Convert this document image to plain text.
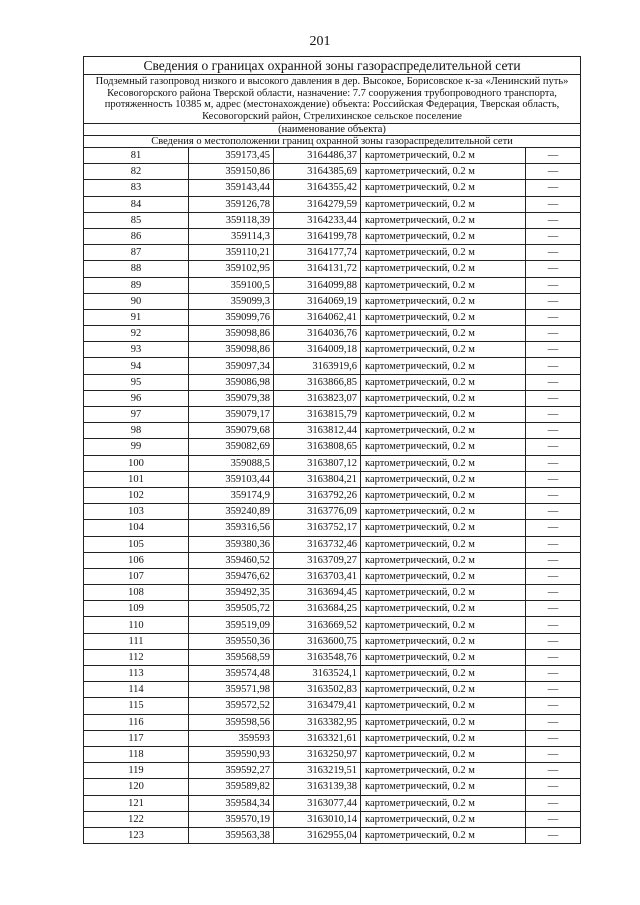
201
Сведения о границах охранной зоны газораспределительной сети				
Подземный газопровод низкого и высокого давления в дер. Высокое, Борисовское к-за «Ленинский путь» Кесовогорского района Тверской области, назначение: 7.7 сооружения трубопроводного транспорта, протяженность 10385 м, адрес (местонахождение) объекта: Российская Федерация, Тверская область, Кесовогорский район, Стрелихинское сельское поселение				
(наименование объекта)				
Сведения о местоположении границ охранной зоны газораспределительной сети				
81	359173,45	3164486,37	картометрический, 0.2 м	—
82	359150,86	3164385,69	картометрический, 0.2 м	—
83	359143,44	3164355,42	картометрический, 0.2 м	—
84	359126,78	3164279,59	картометрический, 0.2 м	—
85	359118,39	3164233,44	картометрический, 0.2 м	—
86	359114,3	3164199,78	картометрический, 0.2 м	—
87	359110,21	3164177,74	картометрический, 0.2 м	—
88	359102,95	3164131,72	картометрический, 0.2 м	—
89	359100,5	3164099,88	картометрический, 0.2 м	—
90	359099,3	3164069,19	картометрический, 0.2 м	—
91	359099,76	3164062,41	картометрический, 0.2 м	—
92	359098,86	3164036,76	картометрический, 0.2 м	—
93	359098,86	3164009,18	картометрический, 0.2 м	—
94	359097,34	3163919,6	картометрический, 0.2 м	—
95	359086,98	3163866,85	картометрический, 0.2 м	—
96	359079,38	3163823,07	картометрический, 0.2 м	—
97	359079,17	3163815,79	картометрический, 0.2 м	—
98	359079,68	3163812,44	картометрический, 0.2 м	—
99	359082,69	3163808,65	картометрический, 0.2 м	—
100	359088,5	3163807,12	картометрический, 0.2 м	—
101	359103,44	3163804,21	картометрический, 0.2 м	—
102	359174,9	3163792,26	картометрический, 0.2 м	—
103	359240,89	3163776,09	картометрический, 0.2 м	—
104	359316,56	3163752,17	картометрический, 0.2 м	—
105	359380,36	3163732,46	картометрический, 0.2 м	—
106	359460,52	3163709,27	картометрический, 0.2 м	—
107	359476,62	3163703,41	картометрический, 0.2 м	—
108	359492,35	3163694,45	картометрический, 0.2 м	—
109	359505,72	3163684,25	картометрический, 0.2 м	—
110	359519,09	3163669,52	картометрический, 0.2 м	—
111	359550,36	3163600,75	картометрический, 0.2 м	—
112	359568,59	3163548,76	картометрический, 0.2 м	—
113	359574,48	3163524,1	картометрический, 0.2 м	—
114	359571,98	3163502,83	картометрический, 0.2 м	—
115	359572,52	3163479,41	картометрический, 0.2 м	—
116	359598,56	3163382,95	картометрический, 0.2 м	—
117	359593	3163321,61	картометрический, 0.2 м	—
118	359590,93	3163250,97	картометрический, 0.2 м	—
119	359592,27	3163219,51	картометрический, 0.2 м	—
120	359589,82	3163139,38	картометрический, 0.2 м	—
121	359584,34	3163077,44	картометрический, 0.2 м	—
122	359570,19	3163010,14	картометрический, 0.2 м	—
123	359563,38	3162955,04	картометрический, 0.2 м	—
